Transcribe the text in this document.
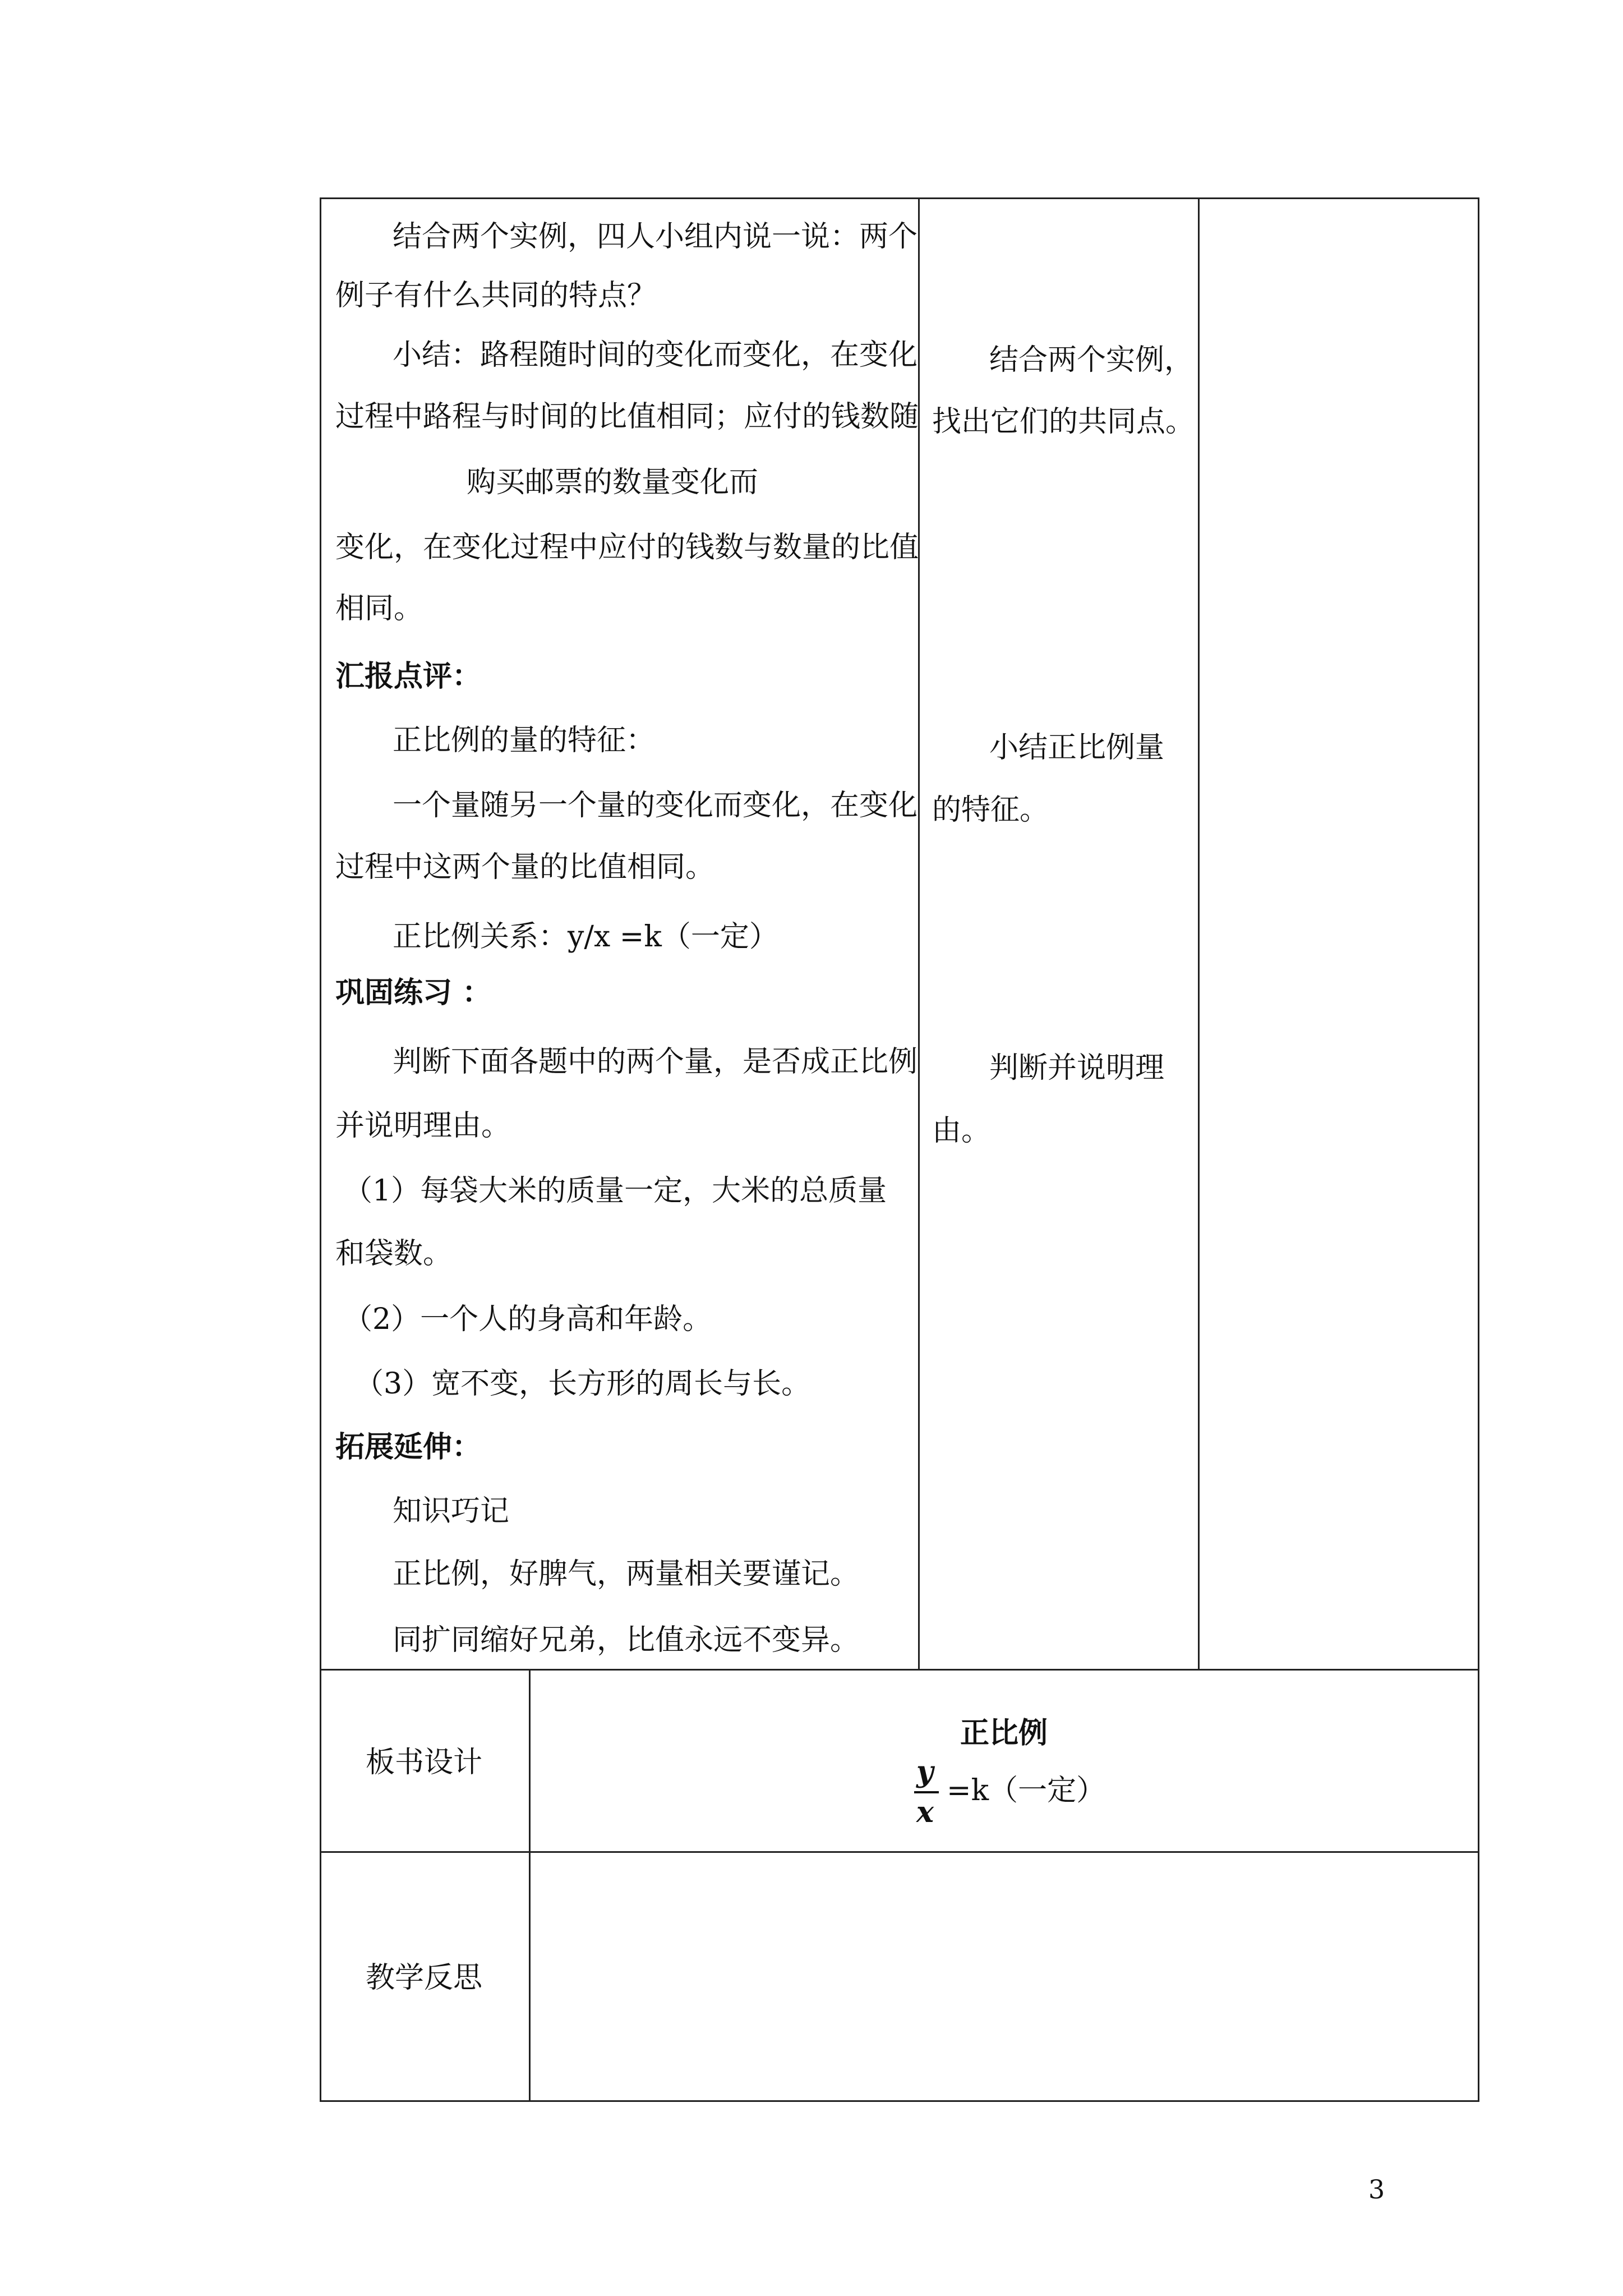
结合两个实例，四人小组内说一说：两个
例子有什么共同的特点？
小结：路程随时间的变化而变化，在变化
过程中路程与时间的比值相同；应付的钱数随
购买邮票的数量变化而
变化，在变化过程中应付的钱数与数量的比值
相同。
汇报点评：
正比例的量的特征：
一个量随另一个量的变化而变化，在变化
过程中这两个量的比值相同。
正比例关系：y/x =k（一定）
巩固练习 ：
判断下面各题中的两个量，是否成正比例
并说明理由。
（1）每袋大米的质量一定，大米的总质量
和袋数。
（2）一个人的身高和年龄。
（3）宽不变，长方形的周长与长。
拓展延伸：
知识巧记
正比例，好脾气，两量相关要谨记。
同扩同缩好兄弟，比值永远不变异。
结合两个实例，
找出它们的共同点。
小结正比例量
的特征。
判断并说明理
由。
板书设计
正比例
y
x
=k（一定）
教学反思
3
